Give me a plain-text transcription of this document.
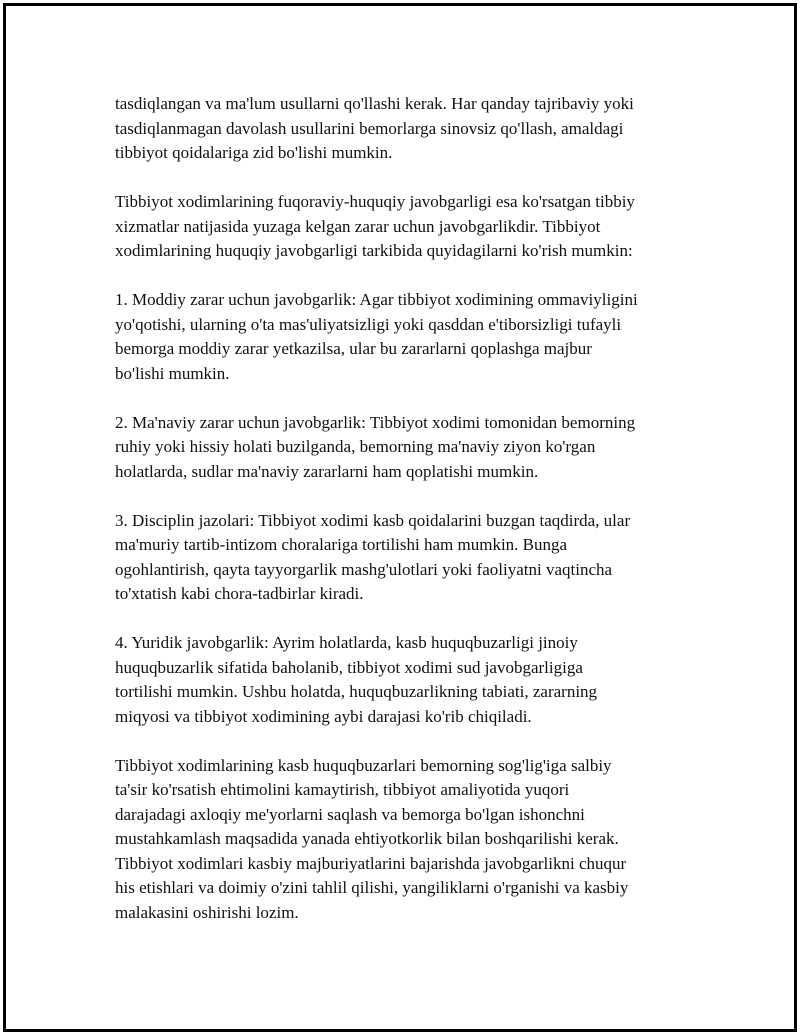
tasdiqlangan va ma'lum usullarni qo'llashi kerak. Har qanday tajribaviy yoki
tasdiqlanmagan davolash usullarini bemorlarga sinovsiz qo'llash, amaldagi
tibbiyot qoidalariga zid bo'lishi mumkin.

Tibbiyot xodimlarining fuqoraviy-huquqiy javobgarligi esa ko'rsatgan tibbiy
xizmatlar natijasida yuzaga kelgan zarar uchun javobgarlikdir. Tibbiyot
xodimlarining huquqiy javobgarligi tarkibida quyidagilarni ko'rish mumkin:

1. Moddiy zarar uchun javobgarlik: Agar tibbiyot xodimining ommaviyligini
yo'qotishi, ularning o'ta mas'uliyatsizligi yoki qasddan e'tiborsizligi tufayli
bemorga moddiy zarar yetkazilsa, ular bu zararlarni qoplashga majbur
bo'lishi mumkin.

2. Ma'naviy zarar uchun javobgarlik: Tibbiyot xodimi tomonidan bemorning
ruhiy yoki hissiy holati buzilganda, bemorning ma'naviy ziyon ko'rgan
holatlarda, sudlar ma'naviy zararlarni ham qoplatishi mumkin.

3. Disciplin jazolari: Tibbiyot xodimi kasb qoidalarini buzgan taqdirda, ular
ma'muriy tartib-intizom choralariga tortilishi ham mumkin. Bunga
ogohlantirish, qayta tayyorgarlik mashg'ulotlari yoki faoliyatni vaqtincha
to'xtatish kabi chora-tadbirlar kiradi.

4. Yuridik javobgarlik: Ayrim holatlarda, kasb huquqbuzarligi jinoiy
huquqbuzarlik sifatida baholanib, tibbiyot xodimi sud javobgarligiga
tortilishi mumkin. Ushbu holatda, huquqbuzarlikning tabiati, zararning
miqyosi va tibbiyot xodimining aybi darajasi ko'rib chiqiladi.

Tibbiyot xodimlarining kasb huquqbuzarlari bemorning sog'lig'iga salbiy
ta'sir ko'rsatish ehtimolini kamaytirish, tibbiyot amaliyotida yuqori
darajadagi axloqiy me'yorlarni saqlash va bemorga bo'lgan ishonchni
mustahkamlash maqsadida yanada ehtiyotkorlik bilan boshqarilishi kerak.
Tibbiyot xodimlari kasbiy majburiyatlarini bajarishda javobgarlikni chuqur
his etishlari va doimiy o'zini tahlil qilishi, yangiliklarni o'rganishi va kasbiy
malakasini oshirishi lozim.
